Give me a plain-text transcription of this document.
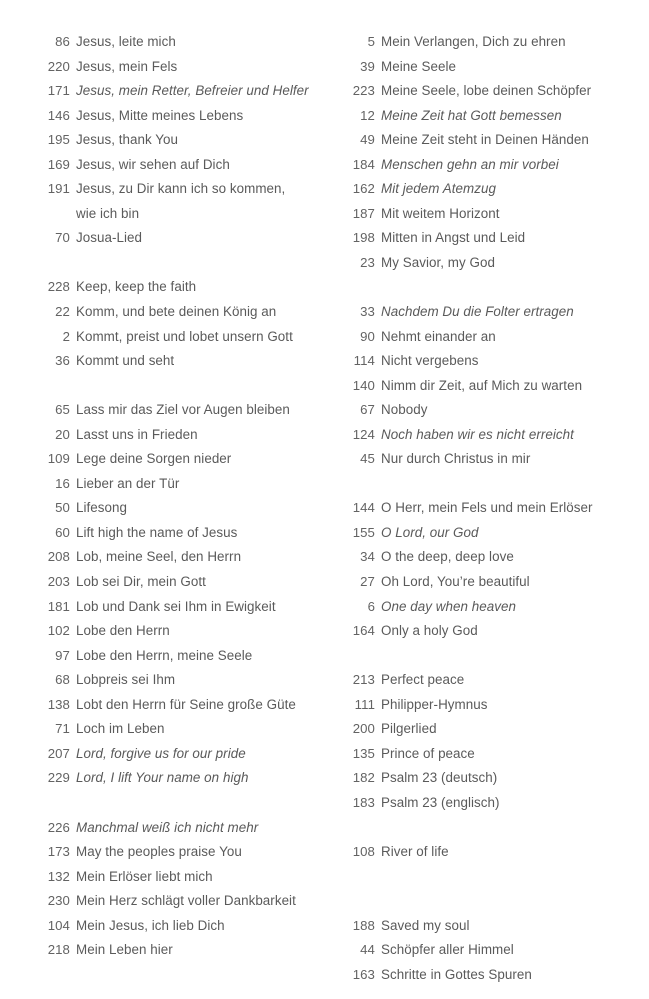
86 Jesus, leite mich
220 Jesus, mein Fels
171 Jesus, mein Retter, Befreier und Helfer
146 Jesus, Mitte meines Lebens
195 Jesus, thank You
169 Jesus, wir sehen auf Dich
191 Jesus, zu Dir kann ich so kommen,
wie ich bin
70 Josua-Lied
228 Keep, keep the faith
22 Komm, und bete deinen König an
2 Kommt, preist und lobet unsern Gott
36 Kommt und seht
65 Lass mir das Ziel vor Augen bleiben
20 Lasst uns in Frieden
109 Lege deine Sorgen nieder
16 Lieber an der Tür
50 Lifesong
60 Lift high the name of Jesus
208 Lob, meine Seel, den Herrn
203 Lob sei Dir, mein Gott
181 Lob und Dank sei Ihm in Ewigkeit
102 Lobe den Herrn
97 Lobe den Herrn, meine Seele
68 Lobpreis sei Ihm
138 Lobt den Herrn für Seine große Güte
71 Loch im Leben
207 Lord, forgive us for our pride
229 Lord, I lift Your name on high
226 Manchmal weiß ich nicht mehr
173 May the peoples praise You
132 Mein Erlöser liebt mich
230 Mein Herz schlägt voller Dankbarkeit
104 Mein Jesus, ich lieb Dich
218 Mein Leben hier
5 Mein Verlangen, Dich zu ehren
39 Meine Seele
223 Meine Seele, lobe deinen Schöpfer
12 Meine Zeit hat Gott bemessen
49 Meine Zeit steht in Deinen Händen
184 Menschen gehn an mir vorbei
162 Mit jedem Atemzug
187 Mit weitem Horizont
198 Mitten in Angst und Leid
23 My Savior, my God
33 Nachdem Du die Folter ertragen
90 Nehmt einander an
114 Nicht vergebens
140 Nimm dir Zeit, auf Mich zu warten
67 Nobody
124 Noch haben wir es nicht erreicht
45 Nur durch Christus in mir
144 O Herr, mein Fels und mein Erlöser
155 O Lord, our God
34 O the deep, deep love
27 Oh Lord, You’re beautiful
6 One day when heaven
164 Only a holy God
213 Perfect peace
111 Philipper-Hymnus
200 Pilgerlied
135 Prince of peace
182 Psalm 23 (deutsch)
183 Psalm 23 (englisch)
108 River of life
188 Saved my soul
44 Schöpfer aller Himmel
163 Schritte in Gottes Spuren
